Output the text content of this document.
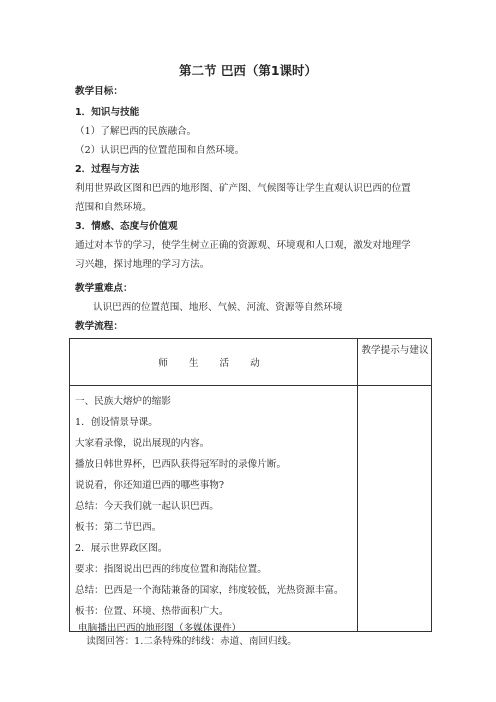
第二节 巴西（第1课时）
教学目标：
1．知识与技能
（1）了解巴西的民族融合。
（2）认识巴西的位置范围和自然环境。
2．过程与方法
利用世界政区图和巴西的地形图、矿产图、气候图等让学生直观认识巴西的位置范围和自然环境。
3．情感、态度与价值观
通过对本节的学习，使学生树立正确的资源观、环境观和人口观，激发对地理学习兴趣，探讨地理的学习方法。
教学重难点：
认识巴西的位置范围、地形、气候、河流、资源等自然环境
教学流程：
师 生 活 动
教学提示与建议
一、民族大熔炉的缩影
1．创设情景导课。
大家看录像，说出展现的内容。
播放日韩世界杯，巴西队获得冠军时的录像片断。
说说看，你还知道巴西的哪些事物?
总结：今天我们就一起认识巴西。
板书：第二节巴西。
2．展示世界政区图。
要求：指图说出巴西的纬度位置和海陆位置。
总结：巴西是一个海陆兼备的国家，纬度较低，光热资源丰富。
板书：位置、环境、热带面积广大。
电脑播出巴西的地形图（多媒体课件）
读图回答：1.二条特殊的纬线：赤道、南回归线。
